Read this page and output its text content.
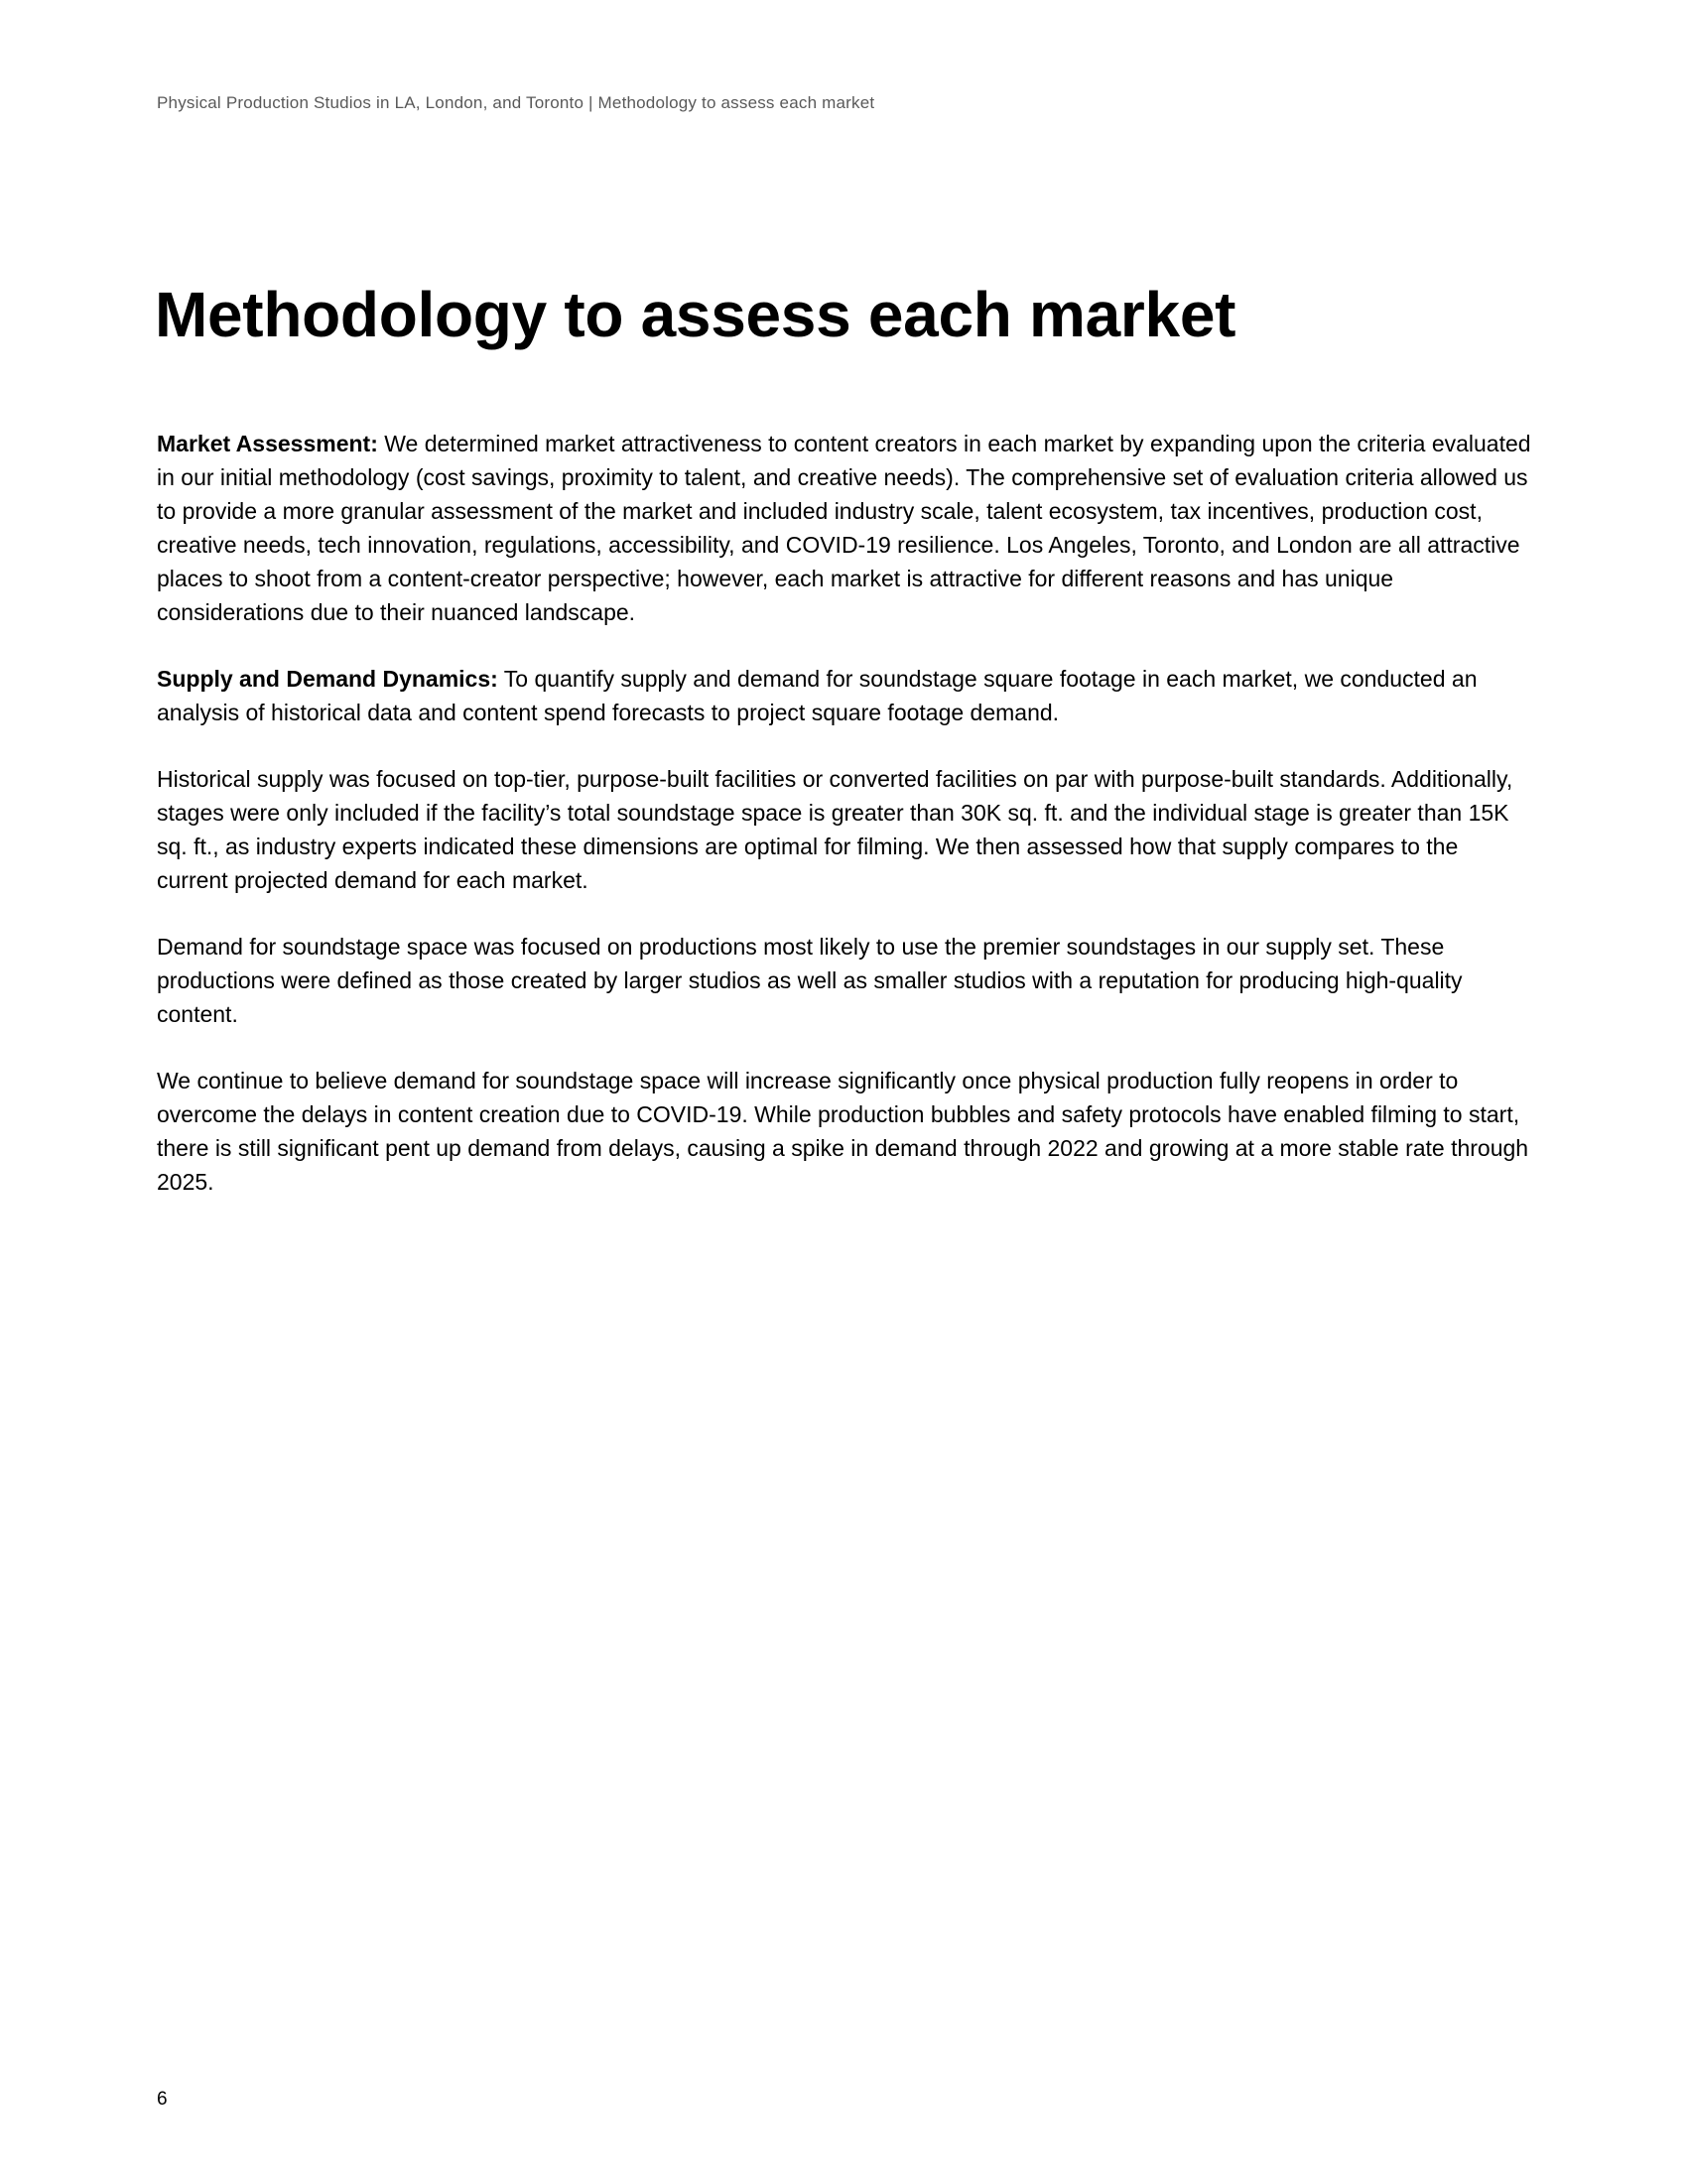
Physical Production Studios in LA, London, and Toronto | Methodology to assess each market
Methodology to assess each market

Market Assessment: We determined market attractiveness to content creators in each market by expanding upon the criteria evaluated in our initial methodology (cost savings, proximity to talent, and creative needs). The comprehensive set of evaluation criteria allowed us to provide a more granular assessment of the market and included industry scale, talent ecosystem, tax incentives, production cost, creative needs, tech innovation, regulations, accessibility, and COVID-19 resilience. Los Angeles, Toronto, and London are all attractive places to shoot from a content-creator perspective; however, each market is attractive for different reasons and has unique considerations due to their nuanced landscape.

Supply and Demand Dynamics: To quantify supply and demand for soundstage square footage in each market, we conducted an analysis of historical data and content spend forecasts to project square footage demand.

Historical supply was focused on top-tier, purpose-built facilities or converted facilities on par with purpose-built standards. Additionally, stages were only included if the facility’s total soundstage space is greater than 30K sq. ft. and the individual stage is greater than 15K sq. ft., as industry experts indicated these dimensions are optimal for filming. We then assessed how that supply compares to the current projected demand for each market.

Demand for soundstage space was focused on productions most likely to use the premier soundstages in our supply set. These productions were defined as those created by larger studios as well as smaller studios with a reputation for producing high-quality content.

We continue to believe demand for soundstage space will increase significantly once physical production fully reopens in order to overcome the delays in content creation due to COVID-19. While production bubbles and safety protocols have enabled filming to start, there is still significant pent up demand from delays, causing a spike in demand through 2022 and growing at a more stable rate through 2025.

6
